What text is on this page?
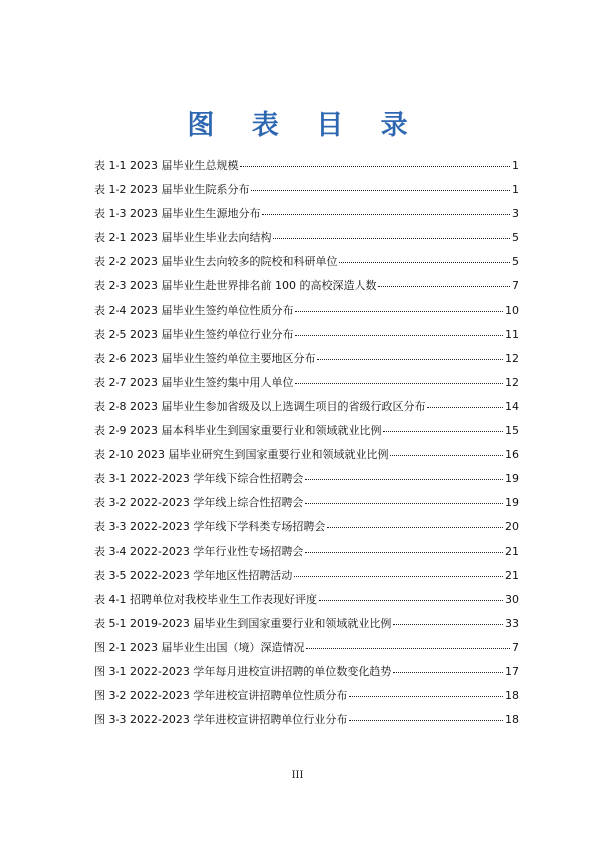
图 表 目 录
表 1-1 2023 届毕业生总规模	1
表 1-2 2023 届毕业生院系分布	1
表 1-3 2023 届毕业生生源地分布	3
表 2-1 2023 届毕业生毕业去向结构	5
表 2-2 2023 届毕业生去向较多的院校和科研单位	5
表 2-3 2023 届毕业生赴世界排名前 100 的高校深造人数	7
表 2-4 2023 届毕业生签约单位性质分布	10
表 2-5 2023 届毕业生签约单位行业分布	11
表 2-6 2023 届毕业生签约单位主要地区分布	12
表 2-7 2023 届毕业生签约集中用人单位	12
表 2-8 2023 届毕业生参加省级及以上选调生项目的省级行政区分布	14
表 2-9 2023 届本科毕业生到国家重要行业和领域就业比例	15
表 2-10 2023 届毕业研究生到国家重要行业和领域就业比例	16
表 3-1 2022-2023 学年线下综合性招聘会	19
表 3-2 2022-2023 学年线上综合性招聘会	19
表 3-3 2022-2023 学年线下学科类专场招聘会	20
表 3-4 2022-2023 学年行业性专场招聘会	21
表 3-5 2022-2023 学年地区性招聘活动	21
表 4-1 招聘单位对我校毕业生工作表现好评度	30
表 5-1 2019-2023 届毕业生到国家重要行业和领域就业比例	33
图 2-1 2023 届毕业生出国（境）深造情况	7
图 3-1 2022-2023 学年每月进校宣讲招聘的单位数变化趋势	17
图 3-2 2022-2023 学年进校宣讲招聘单位性质分布	18
图 3-3 2022-2023 学年进校宣讲招聘单位行业分布	18
III
